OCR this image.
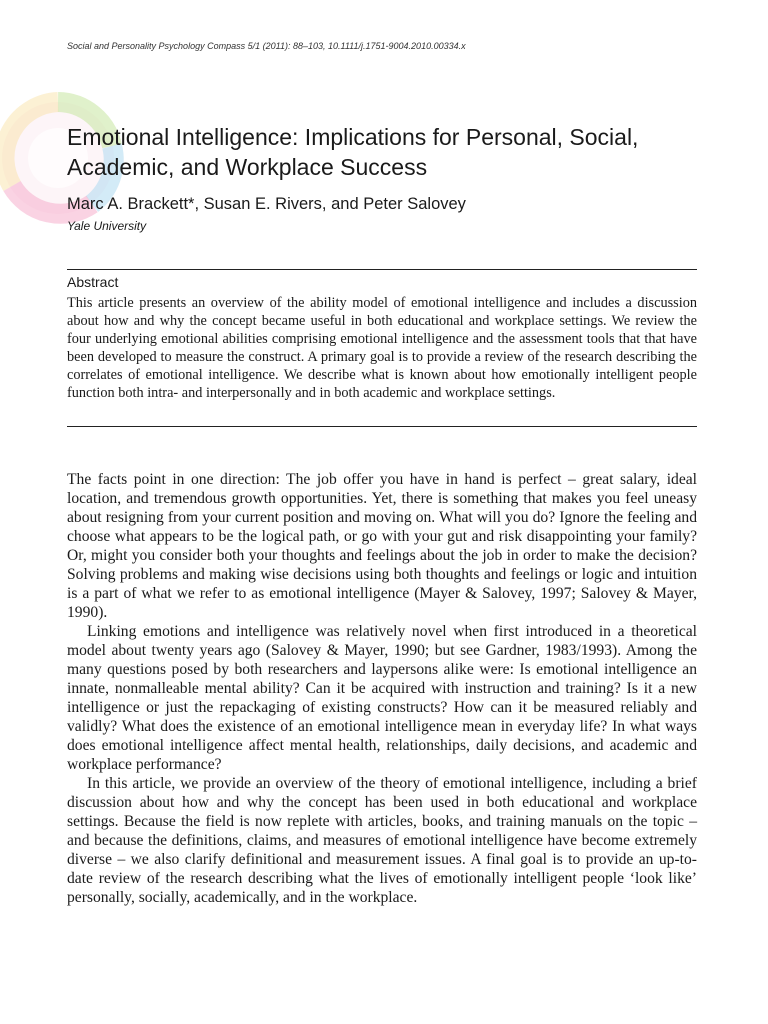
Social and Personality Psychology Compass 5/1 (2011): 88–103, 10.1111/j.1751-9004.2010.00334.x
Emotional Intelligence: Implications for Personal, Social, Academic, and Workplace Success
Marc A. Brackett*, Susan E. Rivers, and Peter Salovey
Yale University
Abstract

This article presents an overview of the ability model of emotional intelligence and includes a discussion about how and why the concept became useful in both educational and workplace settings. We review the four underlying emotional abilities comprising emotional intelligence and the assessment tools that that have been developed to measure the construct. A primary goal is to provide a review of the research describing the correlates of emotional intelligence. We describe what is known about how emotionally intelligent people function both intra- and interpersonally and in both academic and workplace settings.

The facts point in one direction: The job offer you have in hand is perfect – great salary, ideal location, and tremendous growth opportunities. Yet, there is something that makes you feel uneasy about resigning from your current position and moving on. What will you do? Ignore the feeling and choose what appears to be the logical path, or go with your gut and risk disappointing your family? Or, might you consider both your thoughts and feelings about the job in order to make the decision? Solving problems and making wise decisions using both thoughts and feelings or logic and intuition is a part of what we refer to as emotional intelligence (Mayer & Salovey, 1997; Salovey & Mayer, 1990).

Linking emotions and intelligence was relatively novel when first introduced in a theoretical model about twenty years ago (Salovey & Mayer, 1990; but see Gardner, 1983/1993). Among the many questions posed by both researchers and laypersons alike were: Is emotional intelligence an innate, nonmalleable mental ability? Can it be acquired with instruction and training? Is it a new intelligence or just the repackaging of existing constructs? How can it be measured reliably and validly? What does the existence of an emotional intelligence mean in everyday life? In what ways does emotional intelligence affect mental health, relationships, daily decisions, and academic and workplace performance?

In this article, we provide an overview of the theory of emotional intelligence, including a brief discussion about how and why the concept has been used in both educational and workplace settings. Because the field is now replete with articles, books, and training manuals on the topic – and because the definitions, claims, and measures of emotional intelligence have become extremely diverse – we also clarify definitional and measurement issues. A final goal is to provide an up-to-date review of the research describing what the lives of emotionally intelligent people ‘look like’ personally, socially, academically, and in the workplace.
